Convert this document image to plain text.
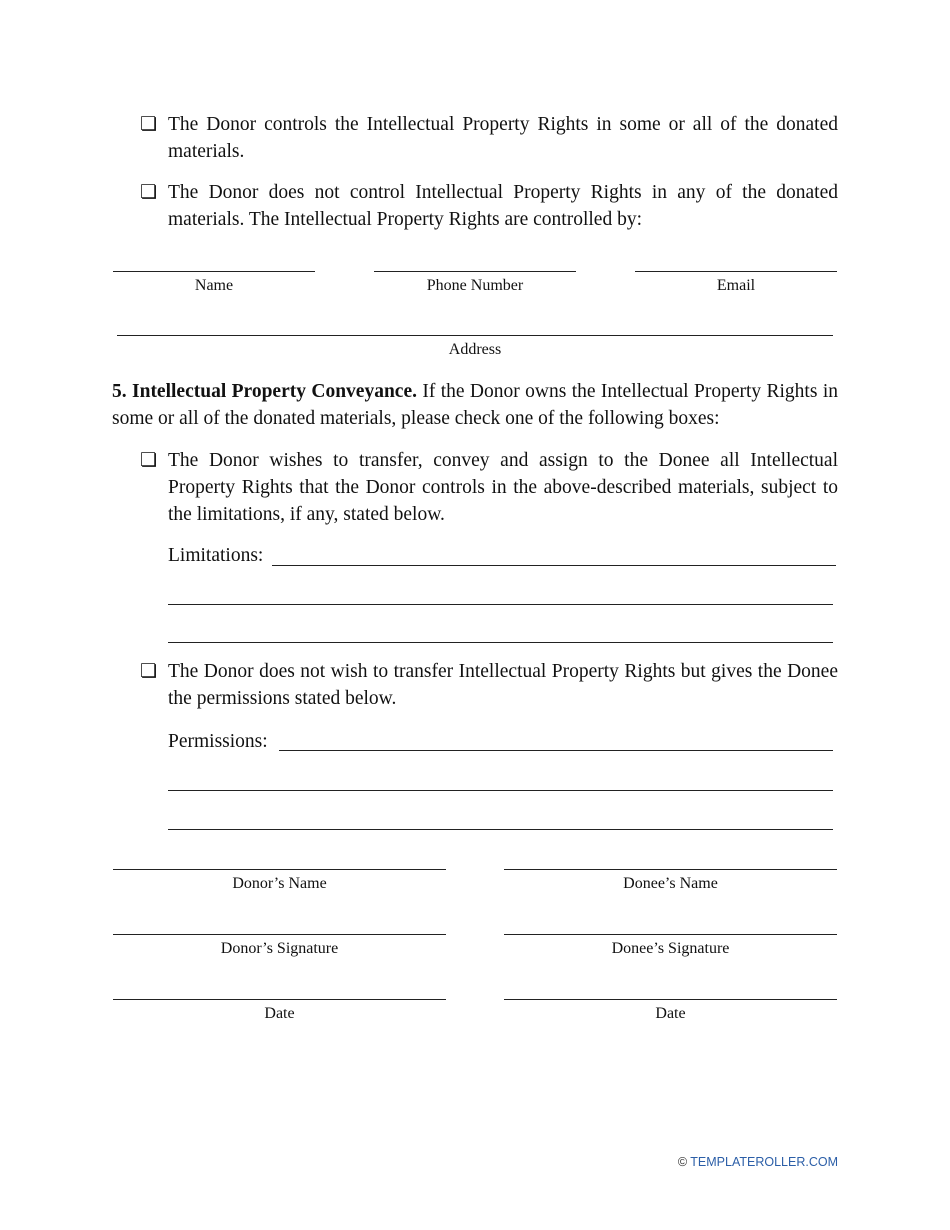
❏ The Donor controls the Intellectual Property Rights in some or all of the donated materials.
❏ The Donor does not control Intellectual Property Rights in any of the donated materials. The Intellectual Property Rights are controlled by:
Name	Phone Number	Email
Address
5. Intellectual Property Conveyance. If the Donor owns the Intellectual Property Rights in some or all of the donated materials, please check one of the following boxes:
❏ The Donor wishes to transfer, convey and assign to the Donee all Intellectual Property Rights that the Donor controls in the above-described materials, subject to the limitations, if any, stated below.
Limitations:
❏ The Donor does not wish to transfer Intellectual Property Rights but gives the Donee the permissions stated below.
Permissions:
Donor’s Name	Donee’s Name
Donor’s Signature	Donee’s Signature
Date	Date
© TEMPLATEROLLER.COM
